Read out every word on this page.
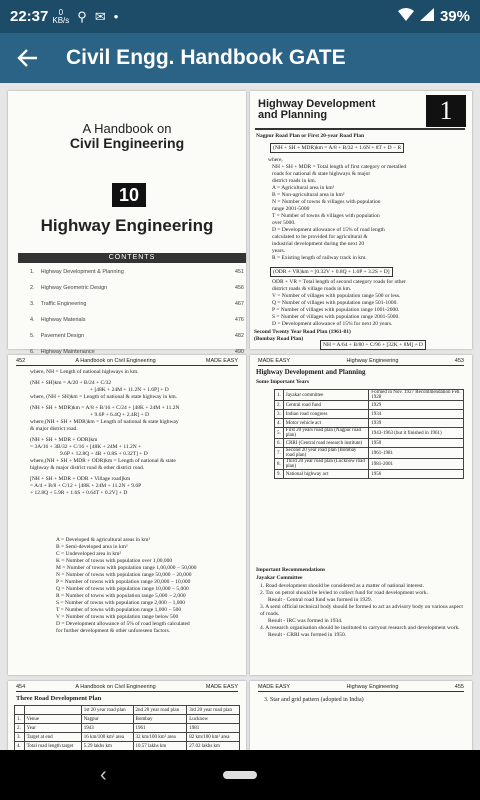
22:37	0
KB/s ⚲ ✉ •	39%
Civil Engg. Handbook GATE
A Handbook on
Civil Engineering
10
Highway Engineering
CONTENTS
1. Highway Development & Planning	451
2. Highway Geometric Design	456
3. Traffic Engineering	467
4. Highway Materials	476
5. Pavement Design	482
6. Highway Maintenance	490
Highway Development
and Planning	1
Nagpur Road Plan or First 20-year Road Plan
(NH + SH + MDR)km = A/8 + B/32 + 1.6N + 8T + D − R
where,
NH + SH + MDR = Total length of first category or metalled
roads for national & state highways & major
district roads in km.
A = Agricultural area in km²
B = Non-agricultural area in km²
N = Number of towns & villages with population
range 2001-5000
T = Number of towns & villages with population
over 5000.
D = Development allowance of 15% of road length
calculated to be provided for agricultural &
industrial development during the next 20
years.
R = Existing length of railway track in km.
(ODR + VR)km = [0.32V + 0.8Q + 1.6P + 3.2S + D]
ODR + VR = Total length of second category roads for other
district roads & village roads in km.
V = Number of villages with population range 500 or less.
Q = Number of villages with population range 501-1000.
P = Number of villages with population range 1001-2000.
S = Number of villages with population range 2001-5000.
D = Development allowance of 15% for next 20 years.
Second Twenty Year Road Plan (1961-81)
(Bombay Road Plan)
NH = A/64 + B/80 + C/96 + [32K + 8M] + D
452	A Handbook on Civil Engineering	MADE EASY
where, NH = Length of national highways in km.
(NH + SH)km = A/20 + B/24 + C/32
+ [48K + 24M + 11.2N + 1.6P] + D
where, (NH + SH)km = Length of national & state highway in km.
(NH + SH + MDR)km = A/8 + B/16 + C/24 + [48K + 24M + 11.2N
+ 9.6P + 6.4Q + 2.4R] + D
where,(NH + SH + MDR)km = Length of national & state highway
& major district road.
(NH + SH + MDR + ODR)km
= 3A/16 + 3B/32 + C/16 + [48K + 24M + 11.2N +
9.6P + 12.8Q + 4R + 0.8S + 0.32T] + D
where,(NH + SH + MDR + ODR)km = Length of national & state
highway & major district road & other district road.
[NH + SH + MDR + ODR + Village road]km
= A/4 + B/8 + C/12 + [48K + 24M + 11.2N + 9.6P
+ 12.8Q + 5.9R + 1.6S + 0.64T + 0.2V] + D
A = Developed & agricultural areas in km²
B = Semi-developed area in km²
C = Undeveloped area in km²
K = Number of towns with population over 1,00,000
M = Number of towns with population range 1,00,000 − 50,000
N = Number of towns with population range 50,000 − 20,000
P = Number of towns with population range 20,000 − 10,000
Q = Number of towns with population range 10,000 − 5,000
R = Number of towns with population range 5,000 − 2,000
S = Number of towns with population range 2,000 − 1,000
T = Number of towns with population range 1,000 − 500
V = Number of towns with population range below 500
D = Development allowance of 5% of road length calculated
for further development & other unforeseen factors.
MADE EASY	Highway Engineering	453
Highway Development and Planning
Some Important Years
1.	Jayakar committee	Formed in Nov. 1927 Recommendation Feb. 1928
2.	Central road fund	1929
3.	Indian road congress	1934
4.	Motor vehicle act	1939
5.	First 20 years road plan (Nagpur road plan)	1943-1963 (but it finished in 1961)
6.	CRRI (Central road research institute)	1950
7.	Second 20 year road plan (Bombay road plan)	1961-1981
8.	Third 20 year road plan (Lucknow road plan)	1981-2001
9.	National highway act	1956
Important Recommendations
Jayakar Committee
1. Road development should be considered as a matter of national interest.
2. Tax on petrol should be levied to collect fund for road development work.
Result - Central road fund was formed in 1929.
3. A semi official technical body should be formed to act as advisory body on various aspect of roads.
Result - IRC was formed in 1934.
4. A research organisation should be instituted to carryout research and development work.
Result - CRRI was formed in 1950.
454	A Handbook on Civil Engineering	MADE EASY
Three Road Development Plan
		1st 20 year road plan	2nd 20 year road plan	3rd 20 year road plan
1.	Venue	Nagpur	Bombay	Lucknow
2.	Year	1943	1961	1981
3.	Target at end	16 km/100 km² area	32 km/100 km² area	82 km/100 km² area
4.	Total road length target	5.29 lakhs km	10.57 lakhs km	27.02 lakhs km
MADE EASY	Highway Engineering	455
3. Star and grid pattern (adopted in India)
‹
